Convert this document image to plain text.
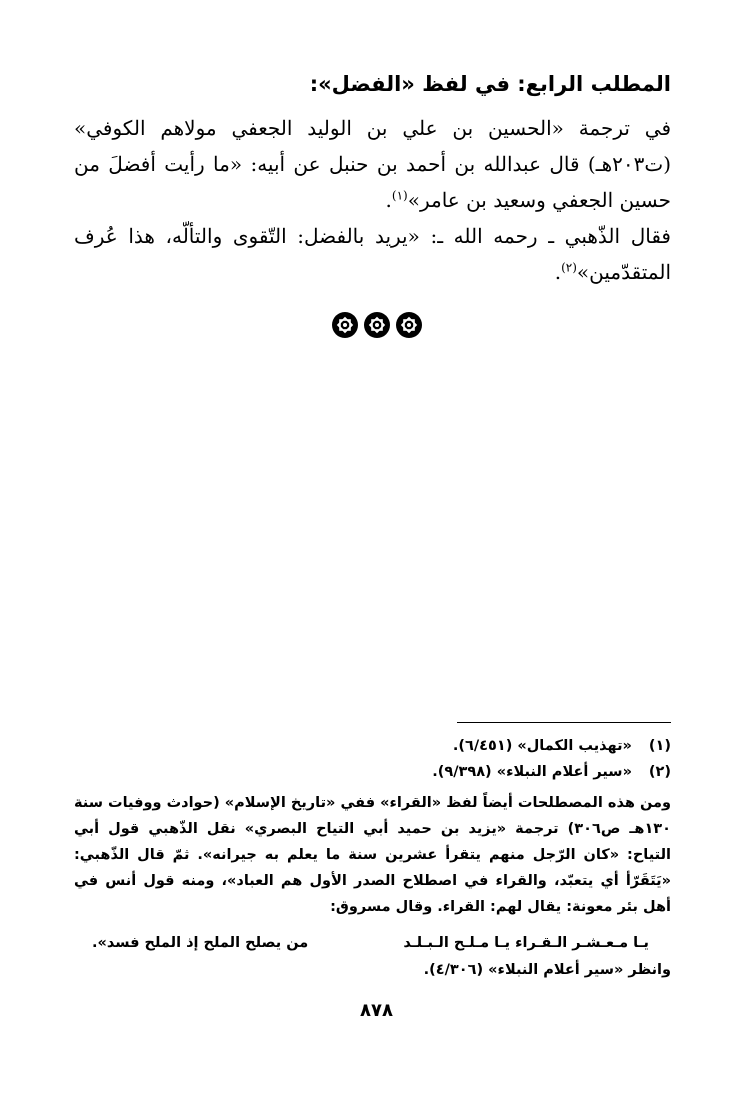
المطلب الرابع: في لفظ «الفضل»:
في ترجمة «الحسين بن علي بن الوليد الجعفي مولاهم الكوفي» (ت٢٠٣هـ) قال عبدالله بن أحمد بن حنبل عن أبيه: «ما رأيت أفضلَ من حسين الجعفي وسعيد بن عامر»$^{(١)}$.
فقال الذّهبي ـ رحمه الله ـ: «يريد بالفضل: التّقوى والتألّه، هذا عُرف المتقدّمين»$^{(٢)}$.
(١) «تهذيب الكمال» (٦/٤٥١).
(٢) «سير أعلام النبلاء» (٩/٣٩٨).
ومن هذه المصطلحات أيضاً لفظ «القراء» ففي «تاريخ الإسلام» (حوادث ووفيات سنة ١٣٠هـ ص٣٠٦) ترجمة «يزيد بن حميد أبي التياح البصري» نقل الذّهبي قول أبي التياح: «كان الرّجل منهم يتقرأ عشرين سنة ما يعلم به جيرانه». ثمّ قال الذّهبي: «يَتَقَرّأ أي يتعبّد، والقراء في اصطلاح الصدر الأول هم العباد»، ومنه قول أنس في أهل بئر معونة: يقال لهم: القراء. وقال مسروق:
يـا مـعـشـر الـقـراء يـا مـلـح الـبـلـد
من يصلح الملح إذ الملح فسد».
وانظر «سير أعلام النبلاء» (٤/٣٠٦).
٨٧٨
